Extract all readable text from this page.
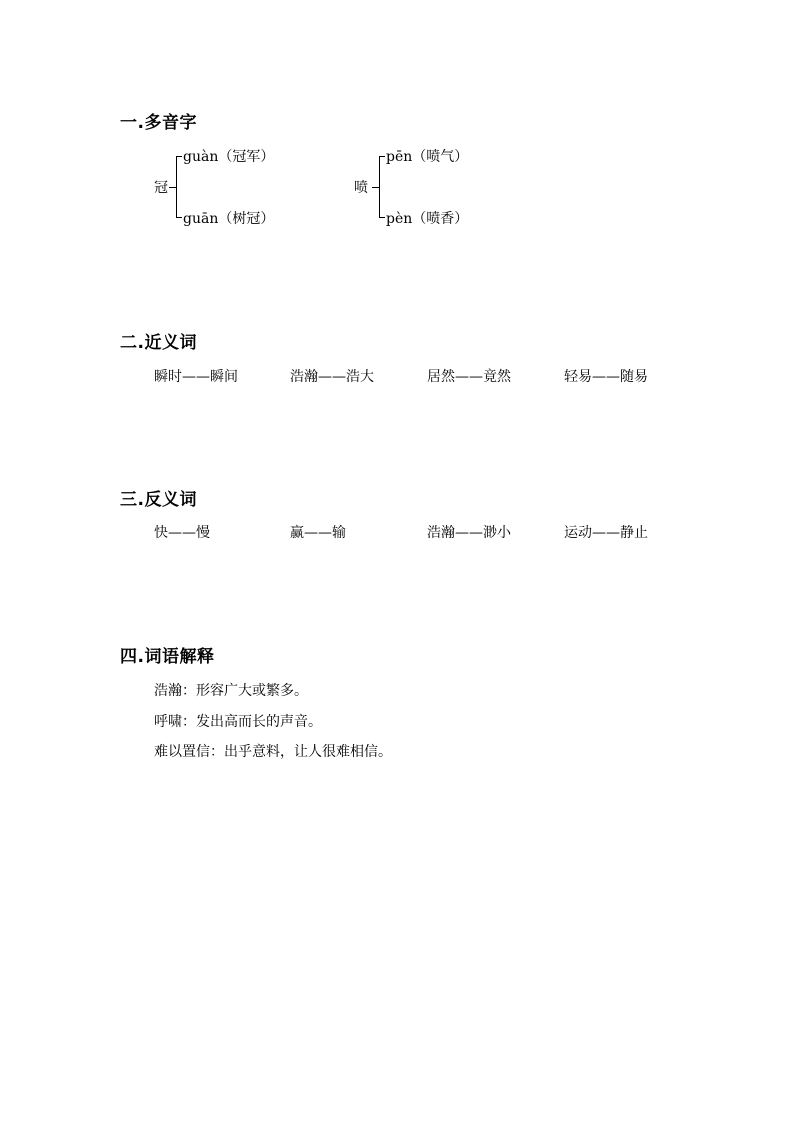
一.多音字
冠
guàn（冠军）
guān（树冠）
喷
pēn（喷气）
pèn（喷香）
二.近义词
瞬时——瞬间	浩瀚——浩大	居然——竟然	轻易——随易
三.反义词
快——慢	赢——输	浩瀚——渺小	运动——静止
四.词语解释
浩瀚：形容广大或繁多。
呼啸：发出高而长的声音。
难以置信：出乎意料，让人很难相信。
